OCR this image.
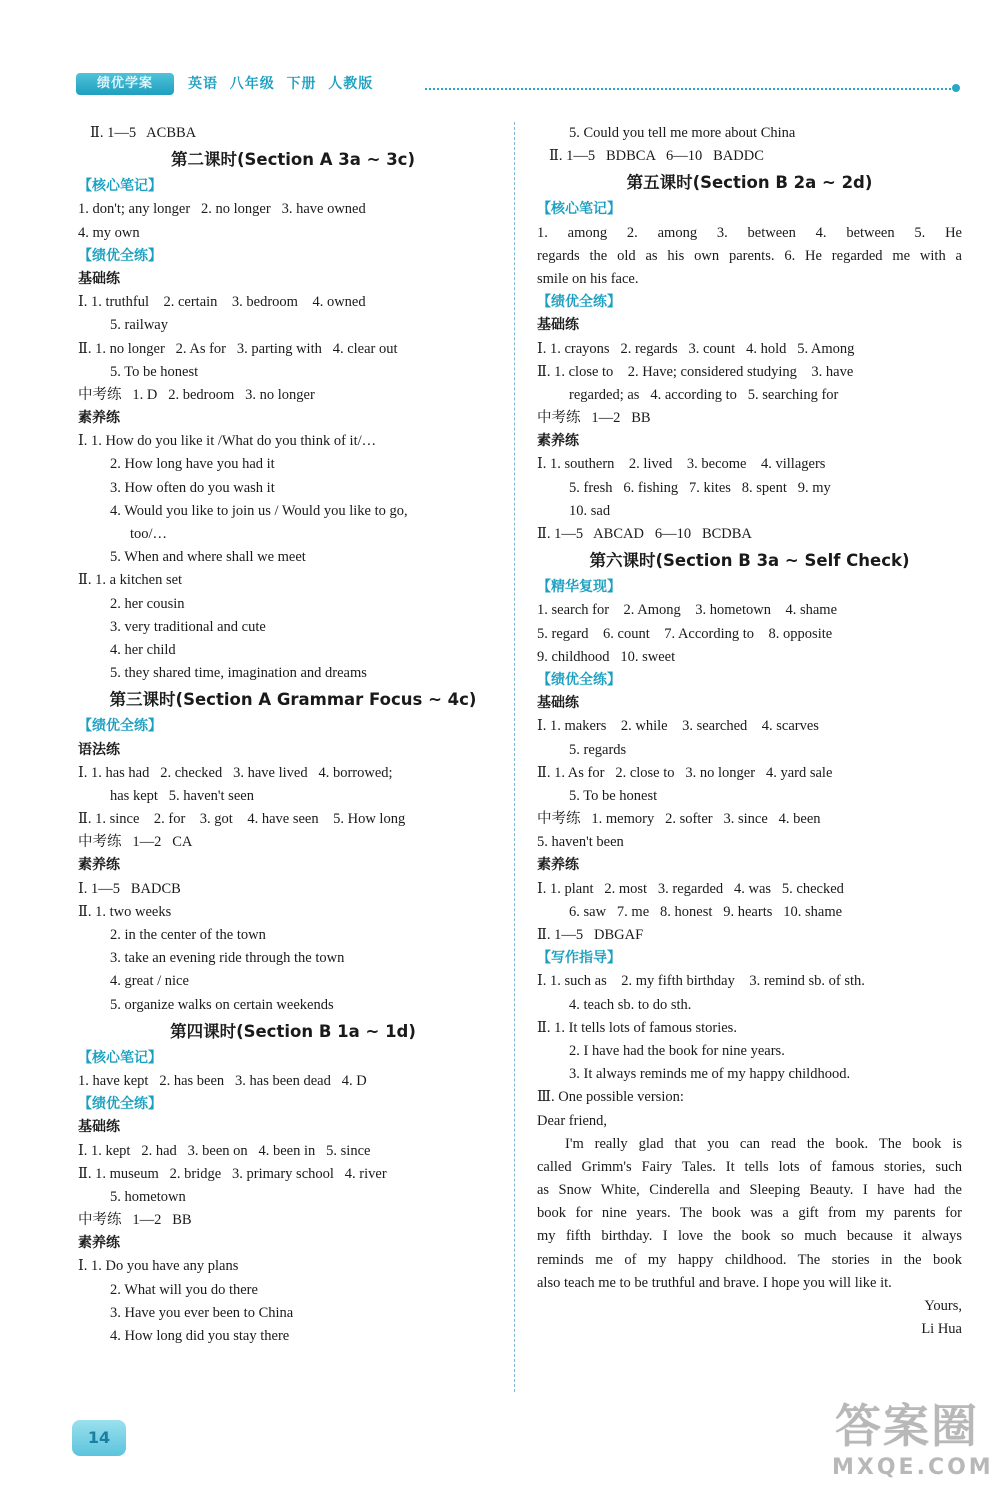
绩优学案	英语  八年级  下册  人教版
Ⅱ. 1—5   ACBBA
第二课时(Section A 3a ~ 3c)
【核心笔记】
1. don't; any longer   2. no longer   3. have owned
4. my own
【绩优全练】
基础练
Ⅰ. 1. truthful    2. certain    3. bedroom    4. owned
5. railway
Ⅱ. 1. no longer   2. As for   3. parting with   4. clear out
5. To be honest
中考练   1. D   2. bedroom   3. no longer
素养练
Ⅰ. 1. How do you like it /What do you think of it/…
2. How long have you had it
3. How often do you wash it
4. Would you like to join us / Would you like to go,
too/…
5. When and where shall we meet
Ⅱ. 1. a kitchen set
2. her cousin
3. very traditional and cute
4. her child
5. they shared time, imagination and dreams
第三课时(Section A Grammar Focus ~ 4c)
【绩优全练】
语法练
Ⅰ. 1. has had   2. checked   3. have lived   4. borrowed;
has kept   5. haven't seen
Ⅱ. 1. since    2. for    3. got    4. have seen    5. How long
中考练   1—2   CA
素养练
Ⅰ. 1—5   BADCB
Ⅱ. 1. two weeks
2. in the center of the town
3. take an evening ride through the town
4. great / nice
5. organize walks on certain weekends
第四课时(Section B 1a ~ 1d)
【核心笔记】
1. have kept   2. has been   3. has been dead   4. D
【绩优全练】
基础练
Ⅰ. 1. kept   2. had   3. been on   4. been in   5. since
Ⅱ. 1. museum   2. bridge   3. primary school   4. river
5. hometown
中考练   1—2   BB
素养练
Ⅰ. 1. Do you have any plans
2. What will you do there
3. Have you ever been to China
4. How long did you stay there
5. Could you tell me more about China
Ⅱ. 1—5   BDBCA   6—10   BADDC
第五课时(Section B 2a ~ 2d)
【核心笔记】
1. among 2. among 3. between 4. between 5. He
regards the old as his own parents. 6. He regarded me with a
smile on his face.
【绩优全练】
基础练
Ⅰ. 1. crayons   2. regards   3. count   4. hold   5. Among
Ⅱ. 1. close to    2. Have; considered studying    3. have
regarded; as   4. according to   5. searching for
中考练   1—2   BB
素养练
Ⅰ. 1. southern    2. lived    3. become    4. villagers
5. fresh   6. fishing   7. kites   8. spent   9. my
10. sad
Ⅱ. 1—5   ABCAD   6—10   BCDBA
第六课时(Section B 3a ~ Self Check)
【精华复现】
1. search for    2. Among    3. hometown    4. shame
5. regard    6. count    7. According to    8. opposite
9. childhood   10. sweet
【绩优全练】
基础练
Ⅰ. 1. makers    2. while    3. searched    4. scarves
5. regards
Ⅱ. 1. As for   2. close to   3. no longer   4. yard sale
5. To be honest
中考练   1. memory   2. softer   3. since   4. been
5. haven't been
素养练
Ⅰ. 1. plant   2. most   3. regarded   4. was   5. checked
6. saw   7. me   8. honest   9. hearts   10. shame
Ⅱ. 1—5   DBGAF
【写作指导】
Ⅰ. 1. such as    2. my fifth birthday    3. remind sb. of sth.
4. teach sb. to do sth.
Ⅱ. 1. It tells lots of famous stories.
2. I have had the book for nine years.
3. It always reminds me of my happy childhood.
Ⅲ. One possible version:
Dear friend,
I'm really glad that you can read the book. The book is
called Grimm's Fairy Tales. It tells lots of famous stories, such
as Snow White, Cinderella and Sleeping Beauty. I have had the
book for nine years. The book was a gift from my parents for
my fifth birthday. I love the book so much because it always
reminds me of my happy childhood. The stories in the book
also teach me to be truthful and brave. I hope you will like it.
Yours,
Li Hua
14	答案圈
MXQE.COM
